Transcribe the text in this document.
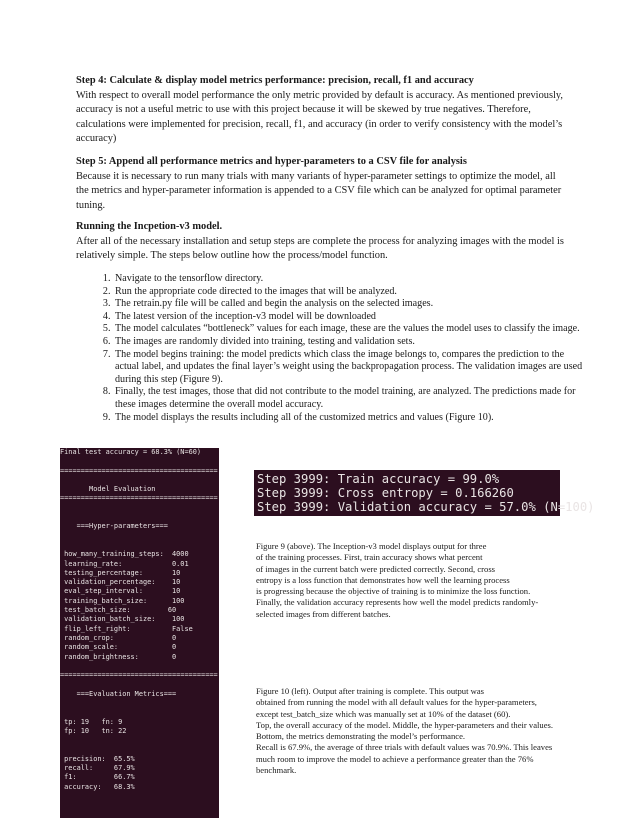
Step 4: Calculate & display model metrics performance: precision, recall, f1 and accuracy
With respect to overall model performance the only metric provided by default is accuracy. As mentioned previously, accuracy is not a useful metric to use with this project because it will be skewed by true negatives. Therefore, calculations were implemented for precision, recall, f1, and accuracy (in order to verify consistency with the model’s accuracy)

Step 5: Append all performance metrics and hyper-parameters to a CSV file for analysis
Because it is necessary to run many trials with many variants of hyper-parameter settings to optimize the model, all the metrics and hyper-parameter information is appended to a CSV file which can be analyzed for optimal parameter tuning.

Running the Incpetion-v3 model.
After all of the necessary installation and setup steps are complete the process for analyzing images with the model is relatively simple. The steps below outline how the process/model function.

1. Navigate to the tensorflow directory.
2. Run the appropriate code directed to the images that will be analyzed.
3. The retrain.py file will be called and begin the analysis on the selected images.
4. The latest version of the inception-v3 model will be downloaded
5. The model calculates “bottleneck” values for each image, these are the values the model uses to classify the image.
6. The images are randomly divided into training, testing and validation sets.
7. The model begins training: the model predicts which class the image belongs to, compares the prediction to the actual label, and updates the final layer’s weight using the backpropagation process. The validation images are used during this step (Figure 9).
8. Finally, the test images, those that did not contribute to the model training, are analyzed. The predictions made for these images determine the overall model accuracy.
9. The model displays the results including all of the customized metrics and values (Figure 10).
Final test accuracy = 68.3% (N=60)
======================================
Model Evaluation
======================================
===Hyper-parameters===
how_many_training_steps:  4000
learning_rate:            0.01
testing_percentage:       10
validation_percentage:    10
eval_step_interval:       10
training_batch_size:      100
test_batch_size:         60
validation_batch_size:    100
flip_left_right:          False
random_crop:              0
random_scale:             0
random_brightness:        0
======================================
===Evaluation Metrics===
tp: 19   fn: 9
fp: 10   tn: 22
precision:  65.5%
recall:     67.9%
f1:         66.7%
accuracy:   68.3%
Step 3999: Train accuracy = 99.0%
Step 3999: Cross entropy = 0.166260
Step 3999: Validation accuracy = 57.0% (N=100)

Figure 9 (above). The Inception-v3 model displays output for three
of the training processes. First, train accuracy shows what percent
of images in the current batch were predicted correctly. Second, cross
entropy is a loss function that demonstrates how well the learning process
is progressing because the objective of training is to minimize the loss function.
Finally, the validation accuracy represents how well the model predicts randomly-
selected images from different batches.

Figure 10 (left). Output after training is complete. This output was
obtained from running the model with all default values for the hyper-parameters,
except test_batch_size which was manually set at 10% of the dataset (60).
Top, the overall accuracy of the model. Middle, the hyper-parameters and their values.
Bottom, the metrics demonstrating the model’s performance.
Recall is 67.9%, the average of three trials with default values was 70.9%. This leaves
much room to improve the model to achieve a performance greater than the 76%
benchmark.
